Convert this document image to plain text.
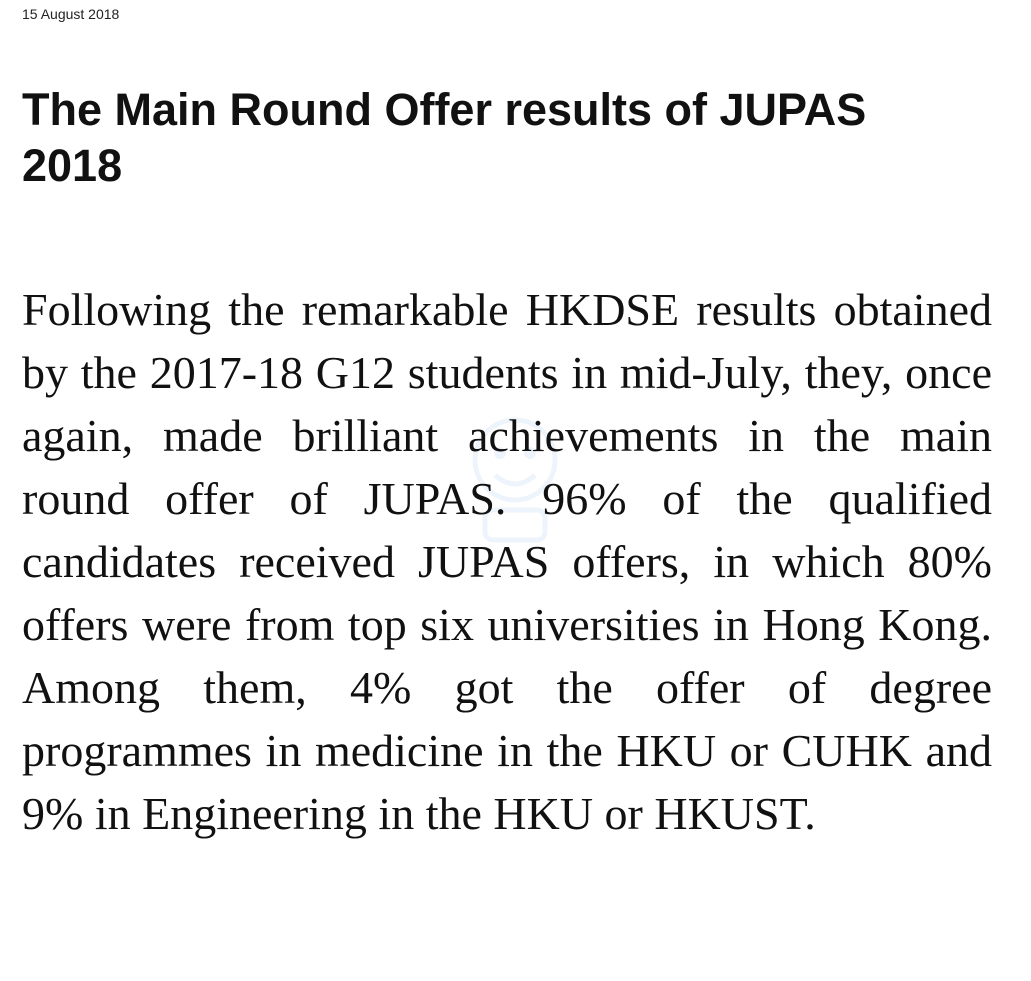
15 August 2018

The Main Round Offer results of JUPAS 2018

Following the remarkable HKDSE results obtained by the 2017-18 G12 students in mid-July, they, once again, made brilliant achievements in the main round offer of JUPAS. 96% of the qualified candidates received JUPAS offers, in which 80% offers were from top six universities in Hong Kong. Among them, 4% got the offer of degree programmes in medicine in the HKU or CUHK and 9% in Engineering in the HKU or HKUST.
